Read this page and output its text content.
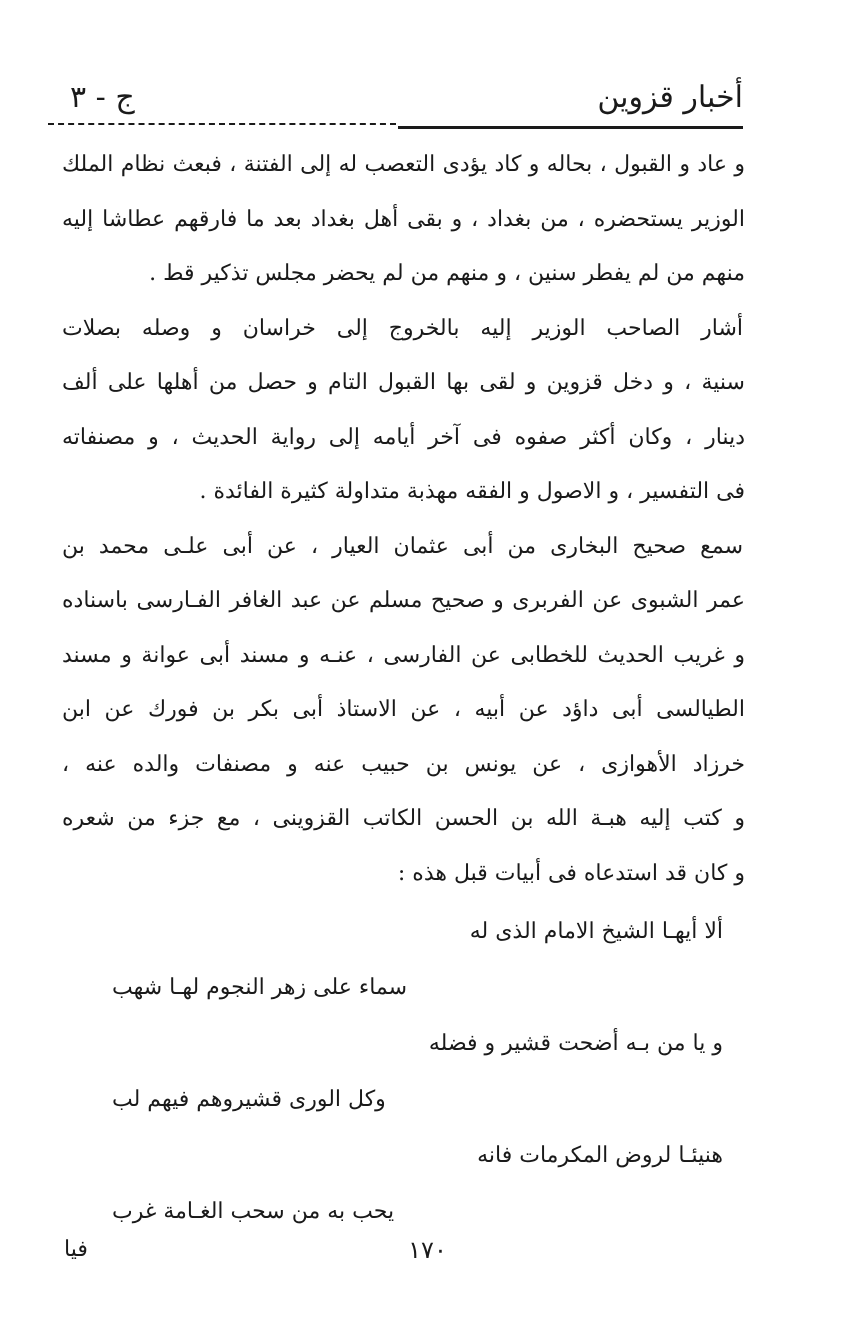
أخبار قزوين
ج - ٣
و عاد و القبول ، بحاله و كاد يؤدى التعصب له إلى الفتنة ، فبعث نظام الملك
الوزير يستحضره ، من بغداد ، و بقى أهل بغداد بعد ما فارقهم عطاشا إليه
منهم من لم يفطر سنين ، و منهم من لم يحضر مجلس تذكير قط .
أشار الصاحب الوزير إليه بالخروج إلى خراسان و وصله بصلات
سنية ، و دخل قزوين و لقى بها القبول التام و حصل من أهلها على ألف
دينار ، وكان أكثر صفوه فى آخر أيامه إلى رواية الحديث ، و مصنفاته
فى التفسير ، و الاصول و الفقه مهذبة متداولة كثيرة الفائدة .
سمع صحيح البخارى من أبى عثمان العيار ، عن أبى علـى محمد بن
عمر الشبوى عن الفربرى و صحيح مسلم عن عبد الغافر الفـارسى باسناده
و غريب الحديث للخطابى عن الفارسى ، عنـه و مسند أبى عوانة و مسند
الطيالسى أبى داؤد عن أبيه ، عن الاستاذ أبى بكر بن فورك عن ابن
خرزاد الأهوازى ، عن يونس بن حبيب عنه و مصنفات والده عنه ،
و كتب إليه هبـة الله بن الحسن الكاتب القزوينى ، مع جزء من شعره
و كان قد استدعاه فى أبيات قبل هذه :
ألا أيهـا الشيخ الامام الذى له
سماء على زهر النجوم لهـا شهب
و يا من بـه أضحت قشير و فضله
وكل الورى قشيروهم فيهم لب
هنيئـا لروض المكرمات فانه
يحب به من سحب الغـامة غرب
١٧٠
فيا
